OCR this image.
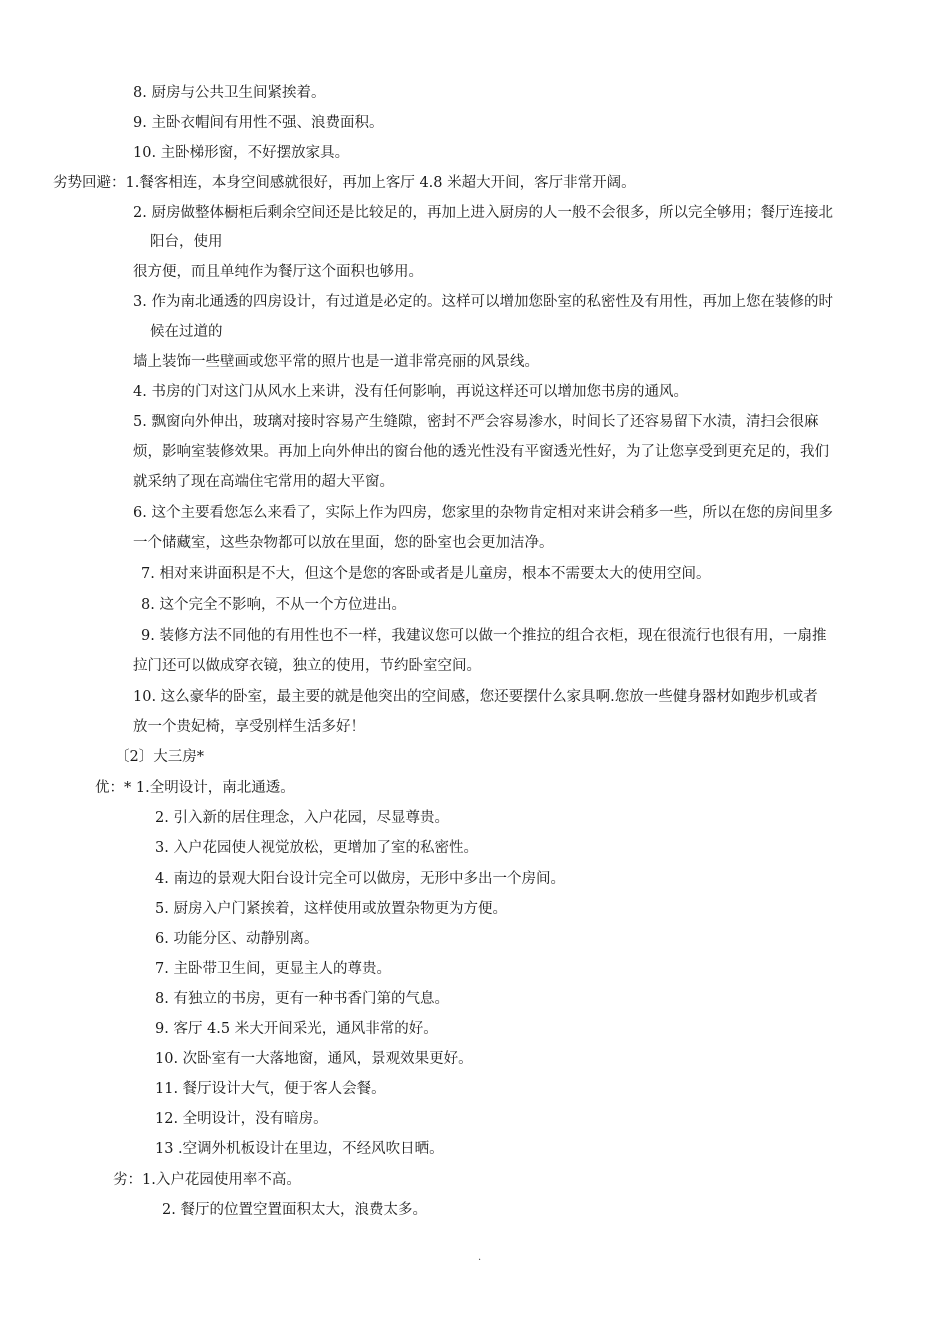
8. 厨房与公共卫生间紧挨着。
9. 主卧衣帽间有用性不强、浪费面积。
10. 主卧梯形窗，不好摆放家具。
劣势回避：1.餐客相连，本身空间感就很好，再加上客厅 4.8 米超大开间，客厅非常开阔。
2. 厨房做整体橱柜后剩余空间还是比较足的，再加上进入厨房的人一般不会很多，所以完全够用；餐厅连接北
阳台，使用
很方便，而且单纯作为餐厅这个面积也够用。
3. 作为南北通透的四房设计，有过道是必定的。这样可以增加您卧室的私密性及有用性，再加上您在装修的时
候在过道的
墙上装饰一些壁画或您平常的照片也是一道非常亮丽的风景线。
4. 书房的门对这门从风水上来讲，没有任何影响，再说这样还可以增加您书房的通风。
5. 飘窗向外伸出，玻璃对接时容易产生缝隙，密封不严会容易渗水，时间长了还容易留下水渍，清扫会很麻
烦，影响室装修效果。再加上向外伸出的窗台他的透光性没有平窗透光性好，为了让您享受到更充足的，我们
就采纳了现在高端住宅常用的超大平窗。
6. 这个主要看您怎么来看了，实际上作为四房，您家里的杂物肯定相对来讲会稍多一些，所以在您的房间里多
一个储藏室，这些杂物都可以放在里面，您的卧室也会更加洁净。
7. 相对来讲面积是不大，但这个是您的客卧或者是儿童房，根本不需要太大的使用空间。
8. 这个完全不影响，不从一个方位进出。
9. 装修方法不同他的有用性也不一样，我建议您可以做一个推拉的组合衣柜，现在很流行也很有用，一扇推
拉门还可以做成穿衣镜，独立的使用，节约卧室空间。
10. 这么豪华的卧室，最主要的就是他突出的空间感，您还要摆什么家具啊.您放一些健身器材如跑步机或者
放一个贵妃椅，享受别样生活多好！
〔2〕大三房*
优：* 1.全明设计，南北通透。
2. 引入新的居住理念，入户花园，尽显尊贵。
3. 入户花园使人视觉放松，更增加了室的私密性。
4. 南边的景观大阳台设计完全可以做房，无形中多出一个房间。
5. 厨房入户门紧挨着，这样使用或放置杂物更为方便。
6. 功能分区、动静别离。
7. 主卧带卫生间，更显主人的尊贵。
8. 有独立的书房，更有一种书香门第的气息。
9. 客厅 4.5 米大开间采光，通风非常的好。
10. 次卧室有一大落地窗，通风，景观效果更好。
11. 餐厅设计大气，便于客人会餐。
12. 全明设计，没有暗房。
13 .空调外机板设计在里边，不经风吹日晒。
劣：1.入户花园使用率不高。
2. 餐厅的位置空置面积太大，浪费太多。
.
